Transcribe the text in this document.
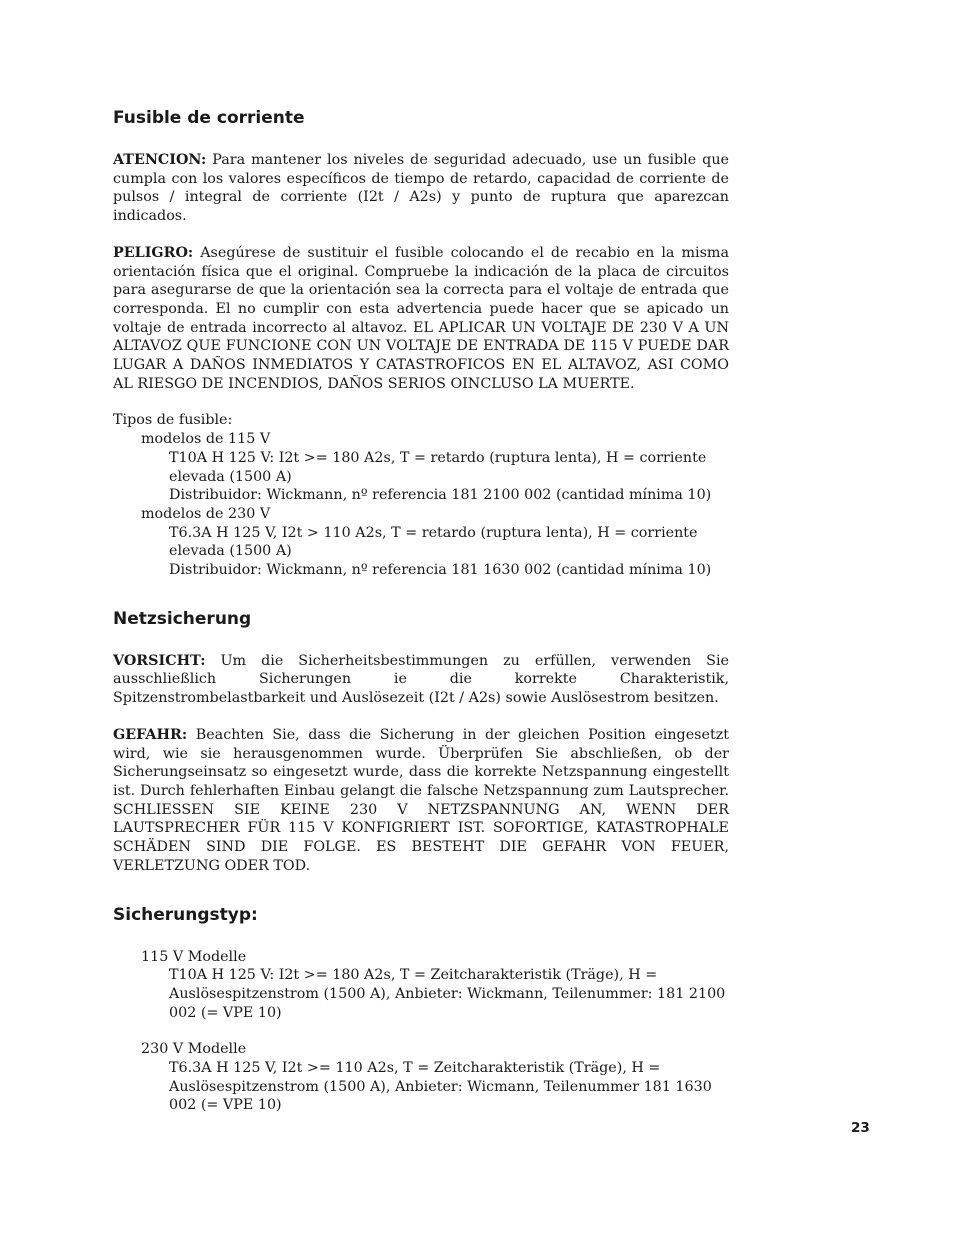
Fusible de corriente

ATENCION: Para mantener los niveles de seguridad adecuado, use un fusible que cumpla con los valores específicos de tiempo de retardo, capacidad de corriente de pulsos / integral de corriente (I2t / A2s) y punto de ruptura que aparezcan indicados.

PELIGRO: Asegúrese de sustituir el fusible colocando el de recabio en la misma orientación física que el original. Compruebe la indicación de la placa de circuitos para asegurarse de que la orientación sea la correcta para el voltaje de entrada que corresponda. El no cumplir con esta advertencia puede hacer que se apicado un voltaje de entrada incorrecto al altavoz. EL APLICAR UN VOLTAJE DE 230 V A UN ALTAVOZ QUE FUNCIONE CON UN VOLTAJE DE ENTRADA DE 115 V PUEDE DAR LUGAR A DAÑOS INMEDIATOS Y CATASTROFICOS EN EL ALTAVOZ, ASI COMO AL RIESGO DE INCENDIOS, DAÑOS SERIOS OINCLUSO LA MUERTE.

Tipos de fusible:

modelos de 115 V
T10A H 125 V: I2t >= 180 A2s, T = retardo (ruptura lenta), H = corriente elevada (1500 A)
Distribuidor: Wickmann, nº referencia 181 2100 002 (cantidad mínima 10)
modelos de 230 V
T6.3A H 125 V, I2t > 110 A2s, T = retardo (ruptura lenta), H = corriente elevada (1500 A)
Distribuidor: Wickmann, nº referencia 181 1630 002 (cantidad mínima 10)
Netzsicherung

VORSICHT: Um die Sicherheitsbestimmungen zu erfüllen, verwenden Sie ausschließlich Sicherungen ie die korrekte Charakteristik, Spitzenstrombelastbarkeit und Auslösezeit (I2t / A2s) sowie Auslösestrom besitzen.

GEFAHR: Beachten Sie, dass die Sicherung in der gleichen Position eingesetzt wird, wie sie herausgenommen wurde. Überprüfen Sie abschließen, ob der Sicherungseinsatz so eingesetzt wurde, dass die korrekte Netzspannung eingestellt ist. Durch fehlerhaften Einbau gelangt die falsche Netzspannung zum Lautsprecher. SCHLIESSEN SIE KEINE 230 V NETZSPANNUNG AN, WENN DER LAUTSPRECHER FÜR 115 V KONFIGRIERT IST. SOFORTIGE, KATASTROPHALE SCHÄDEN SIND DIE FOLGE. ES BESTEHT DIE GEFAHR VON FEUER, VERLETZUNG ODER TOD.

Sicherungstyp:
115 V Modelle
T10A H 125 V: I2t >= 180 A2s, T = Zeitcharakteristik (Träge), H = Auslösespitzenstrom (1500 A), Anbieter: Wickmann, Teilenummer: 181 2100 002 (= VPE 10)
230 V Modelle
T6.3A H 125 V, I2t >= 110 A2s, T = Zeitcharakteristik (Träge), H = Auslösespitzenstrom (1500 A), Anbieter: Wicmann, Teilenummer 181 1630 002 (= VPE 10)
23
